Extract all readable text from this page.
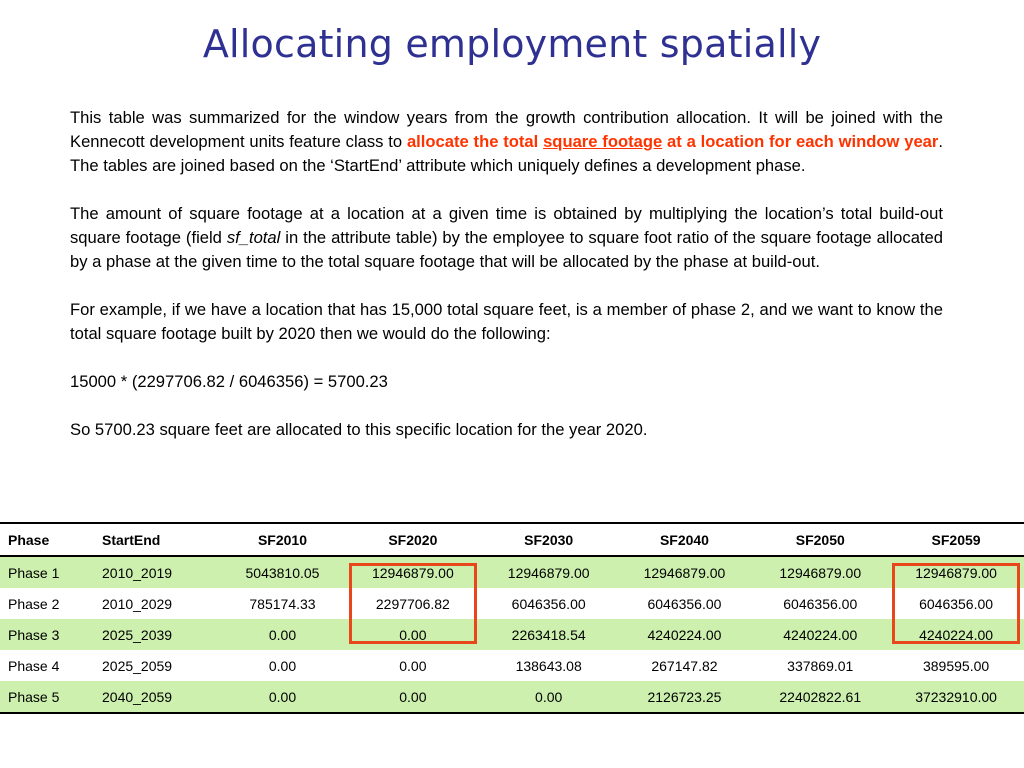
Allocating employment spatially

This table was summarized for the window years from the growth contribution allocation. It will be joined with the Kennecott development units feature class to allocate the total square footage at a location for each window year. The tables are joined based on the ‘StartEnd’ attribute which uniquely defines a development phase.

The amount of square footage at a location at a given time is obtained by multiplying the location’s total build-out square footage (field sf_total in the attribute table) by the employee to square foot ratio of the square footage allocated by a phase at the given time to the total square footage that will be allocated by the phase at build-out.

For example, if we have a location that has 15,000 total square feet, is a member of phase 2, and we want to know the total square footage built by 2020 then we would do the following:

15000 * (2297706.82 / 6046356) = 5700.23

So 5700.23 square feet are allocated to this specific location for the year 2020.

Phase	StartEnd	SF2010	SF2020	SF2030	SF2040	SF2050	SF2059
Phase 1	2010_2019	5043810.05	12946879.00	12946879.00	12946879.00	12946879.00	12946879.00
Phase 2	2010_2029	785174.33	2297706.82	6046356.00	6046356.00	6046356.00	6046356.00
Phase 3	2025_2039	0.00	0.00	2263418.54	4240224.00	4240224.00	4240224.00
Phase 4	2025_2059	0.00	0.00	138643.08	267147.82	337869.01	389595.00
Phase 5	2040_2059	0.00	0.00	0.00	2126723.25	22402822.61	37232910.00
